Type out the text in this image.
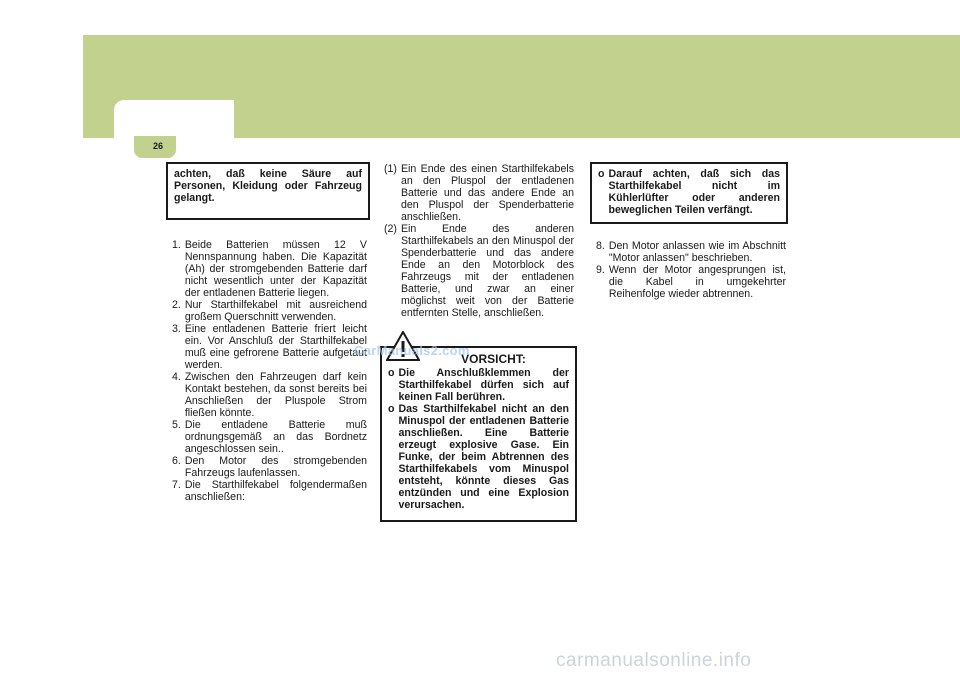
4 SELBSTHILFE
26
achten, daß keine Säure auf Personen, Kleidung oder Fahrzeug gelangt.
1. Beide Batterien müssen 12 V Nennspannung haben. Die Kapazität (Ah) der stromgebenden Batterie darf nicht wesentlich unter der Kapazität der entladenen Batterie liegen.
2. Nur Starthilfekabel mit ausreichend großem Querschnitt verwenden.
3. Eine entladenen Batterie friert leicht ein. Vor Anschluß der Starthilfekabel muß eine gefrorene Batterie aufgetaut werden.
4. Zwischen den Fahrzeugen darf kein Kontakt bestehen, da sonst bereits bei Anschließen der Pluspole Strom fließen könnte.
5. Die entladene Batterie muß ordnungsgemäß an das Bordnetz angeschlossen sein..
6. Den Motor des stromgebenden Fahrzeugs laufenlassen.
7. Die Starthilfekabel folgendermaßen anschließen:
(1) Ein Ende des einen Starthilfekabels an den Pluspol der entladenen Batterie und das andere Ende an den Pluspol der Spenderbatterie anschließen.
(2) Ein Ende des anderen Starthilfekabels an den Minuspol der Spenderbatterie und das andere Ende an den Motorblock des Fahrzeugs mit der entladenen Batterie, und zwar an einer möglichst weit von der Batterie entfernten Stelle, anschließen.
VORSICHT:
o Die Anschlußklemmen der Starthilfekabel dürfen sich auf keinen Fall berühren.
o Das Starthilfekabel nicht an den Minuspol der entladenen Batterie anschließen. Eine Batterie erzeugt explosive Gase. Ein Funke, der beim Abtrennen des Starthilfekabels vom Minuspol entsteht, könnte dieses Gas entzünden und eine Explosion verursachen.
CarManuals2.com
o Darauf achten, daß sich das Starthilfekabel nicht im Kühlerlüfter oder anderen beweglichen Teilen verfängt.
8. Den Motor anlassen wie im Abschnitt "Motor anlassen" beschrieben.
9. Wenn der Motor angesprungen ist, die Kabel in umgekehrter Reihenfolge wieder abtrennen.
carmanualsonline.info
